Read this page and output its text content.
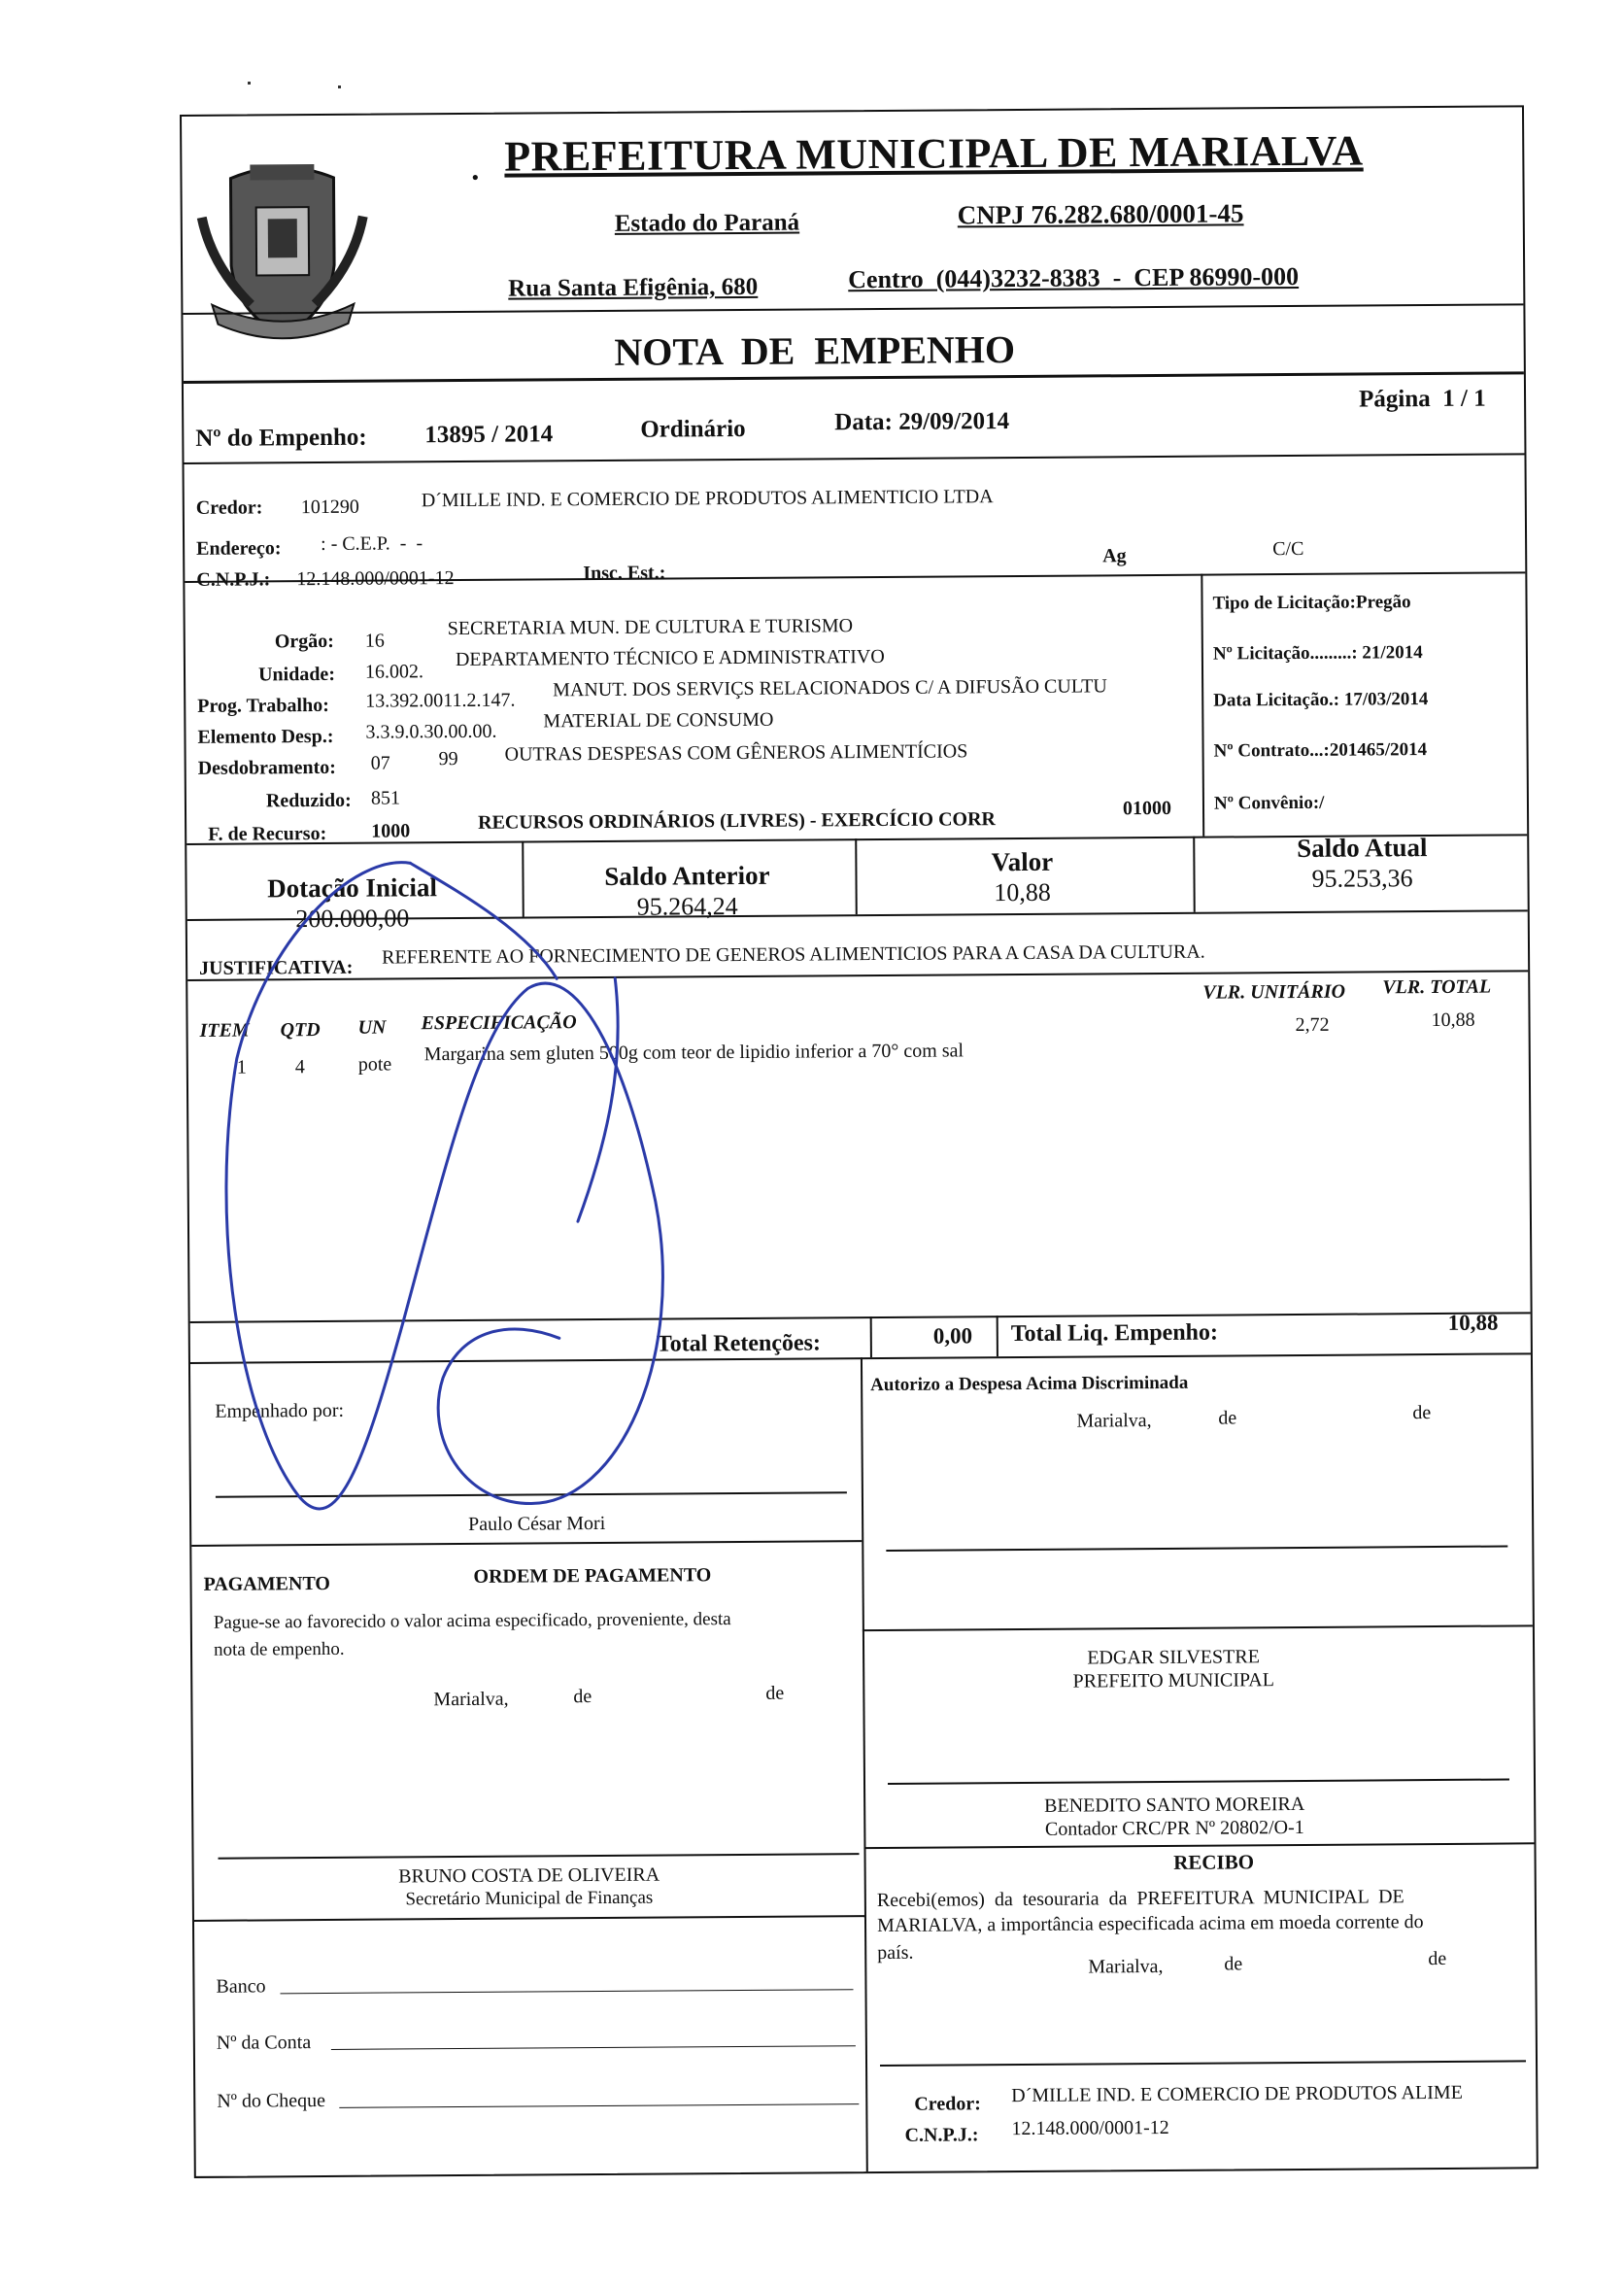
• PREFEITURA MUNICIPAL DE MARIALVA
Estado do Paraná	CNPJ 76.282.680/0001-45
Rua Santa Efigênia, 680	Centro  (044)3232-8383  -  CEP 86990-000
NOTA  DE  EMPENHO
Nº do Empenho: 13895 / 2014	Ordinário	Data: 29/09/2014
Página  1 / 1
Credor: 101290	D´MILLE IND. E COMERCIO DE PRODUTOS ALIMENTICIO LTDA
Endereço: : - C.E.P.  -  -
C.N.P.J.: 12.148.000/0001-12	Insc. Est.:
Ag	C/C
Orgão: 16
SECRETARIA MUN. DE CULTURA E TURISMO
Unidade: 16.002.
DEPARTAMENTO TÉCNICO E ADMINISTRATIVO
Prog. Trabalho: 13.392.0011.2.147. MANUT. DOS SERVIÇS RELACIONADOS C/ A DIFUSÃO CULTU
Elemento Desp.: 3.3.9.0.30.00.00. MATERIAL DE CONSUMO
Desdobramento: 07 99 OUTRAS DESPESAS COM GÊNEROS ALIMENTÍCIOS
Reduzido: 851
F. de Recurso: 1000	RECURSOS ORDINÁRIOS (LIVRES) - EXERCÍCIO CORR
01000
Tipo de Licitação:Pregão
Nº Licitação.........: 21/2014
Data Licitação.: 17/03/2014
Nº Contrato...:201465/2014
Nº Convênio:/
Dotação Inicial
200.000,00
Saldo Anterior
95.264,24
Valor
10,88
Saldo Atual
95.253,36
JUSTIFICATIVA: REFERENTE AO FORNECIMENTO DE GENEROS ALIMENTICIOS PARA A CASA DA CULTURA.
ITEM QTD UN ESPECIFICAÇÃO
VLR. UNITÁRIO VLR. TOTAL
1 4	pote Margarina sem gluten 500g com teor de lipidio inferior a 70° com sal
2,72	10,88
Total Retenções:	0,00 Total Liq. Empenho:	10,88
Empenhado por:
Paulo César Mori
Autorizo a Despesa Acima Discriminada
Marialva,	de	de
EDGAR SILVESTRE
PREFEITO MUNICIPAL
BENEDITO SANTO MOREIRA
Contador CRC/PR Nº 20802/O-1
PAGAMENTO	ORDEM DE PAGAMENTO
Pague-se ao favorecido o valor acima especificado, proveniente, desta
nota de empenho.
Marialva,	de	de
BRUNO COSTA DE OLIVEIRA
Secretário Municipal de Finanças
Banco
Nº da Conta
Nº do Cheque
RECIBO
Recebi(emos)  da  tesouraria  da  PREFEITURA  MUNICIPAL  DE
MARIALVA, a importância especificada acima em moeda corrente do
país.
Marialva,	de	de
Credor: D´MILLE IND. E COMERCIO DE PRODUTOS ALIME
C.N.P.J.: 12.148.000/0001-12
